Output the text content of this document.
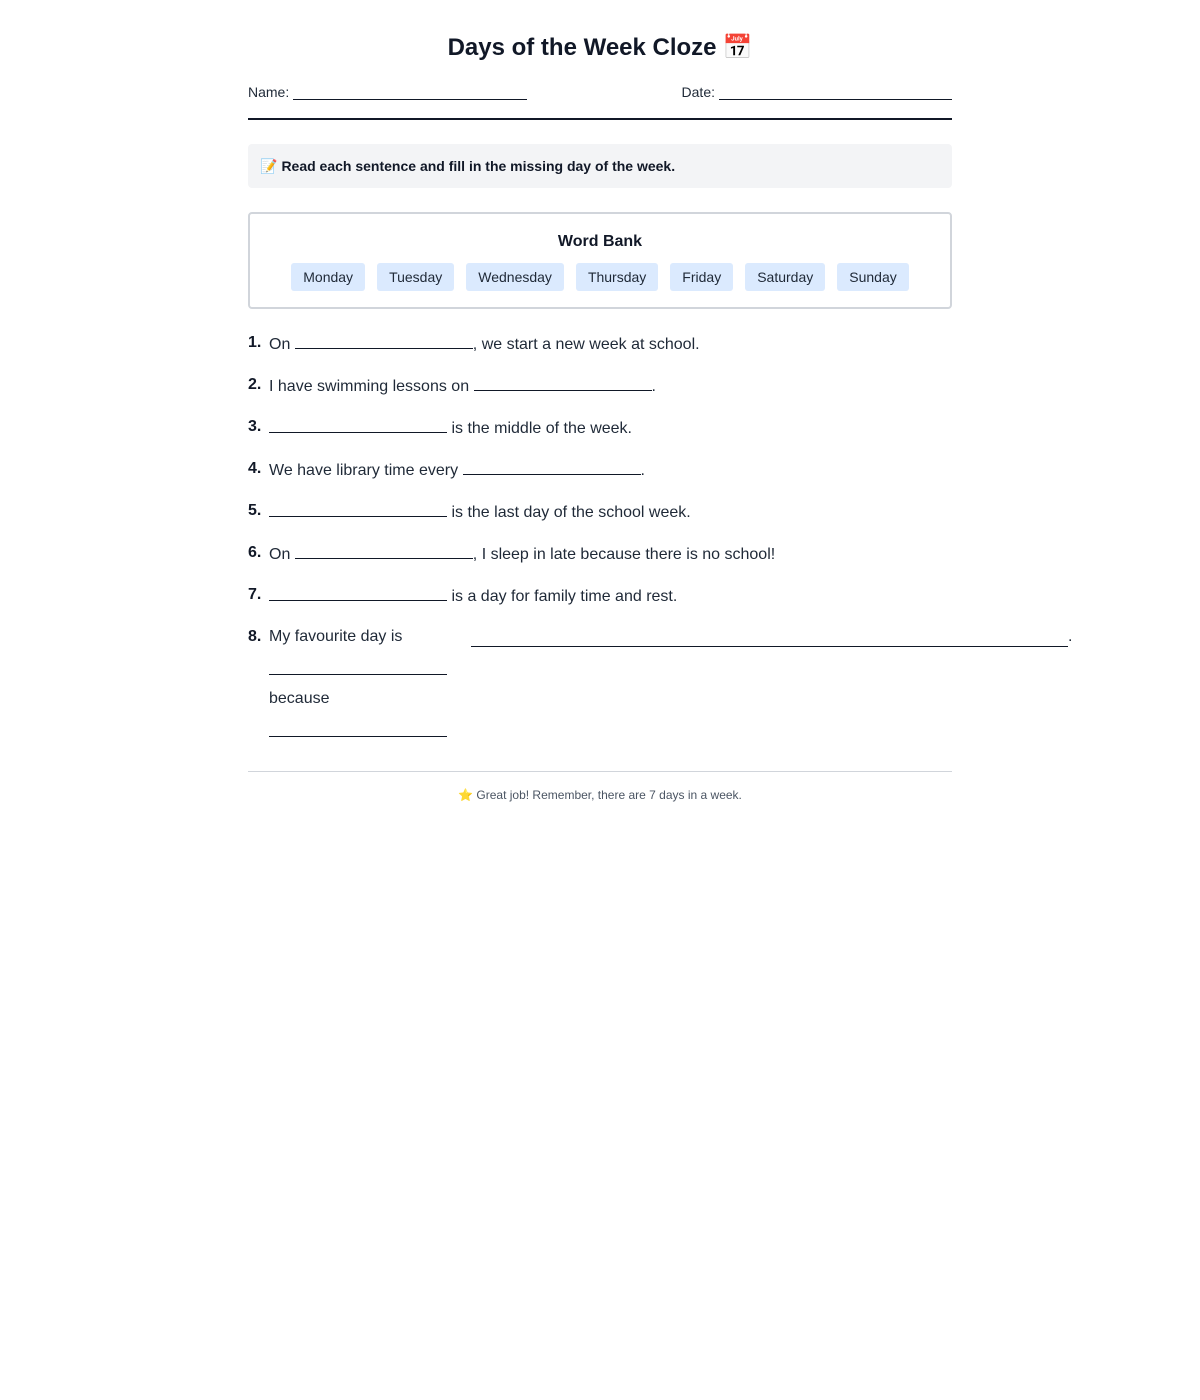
Days of the Week Cloze 📅
Name:	Date:
📝 Read each sentence and fill in the missing day of the week.
Word Bank
Monday	Tuesday	Wednesday	Thursday	Friday	Saturday	Sunday
1. On	, we start a new week at school.
2. I have swimming lessons on	.
3.	is the middle of the week.
4. We have library time every	.
5.	is the last day of the school week.
6. On	, I sleep in late because there is no school!
7.	is a day for family time and rest.
8. My favourite day is
because
.
⭐ Great job! Remember, there are 7 days in a week.
